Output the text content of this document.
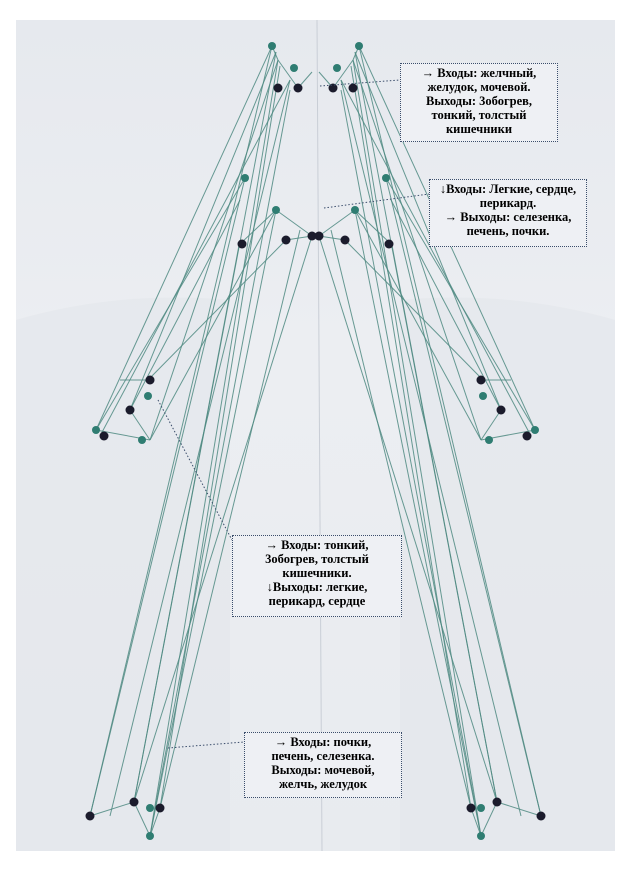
→ Входы: желчный,
желудок, мочевой.
Выходы: 3обогрев,
тонкий, толстый
кишечники
↓Входы: Легкие, сердце,
перикард.
→ Выходы: селезенка,
печень, почки.
→ Входы: тонкий,
3обогрев, толстый
кишечники.
↓Выходы: легкие,
перикард, сердце
→ Входы: почки,
печень, селезенка.
Выходы: мочевой,
желчь, желудок
